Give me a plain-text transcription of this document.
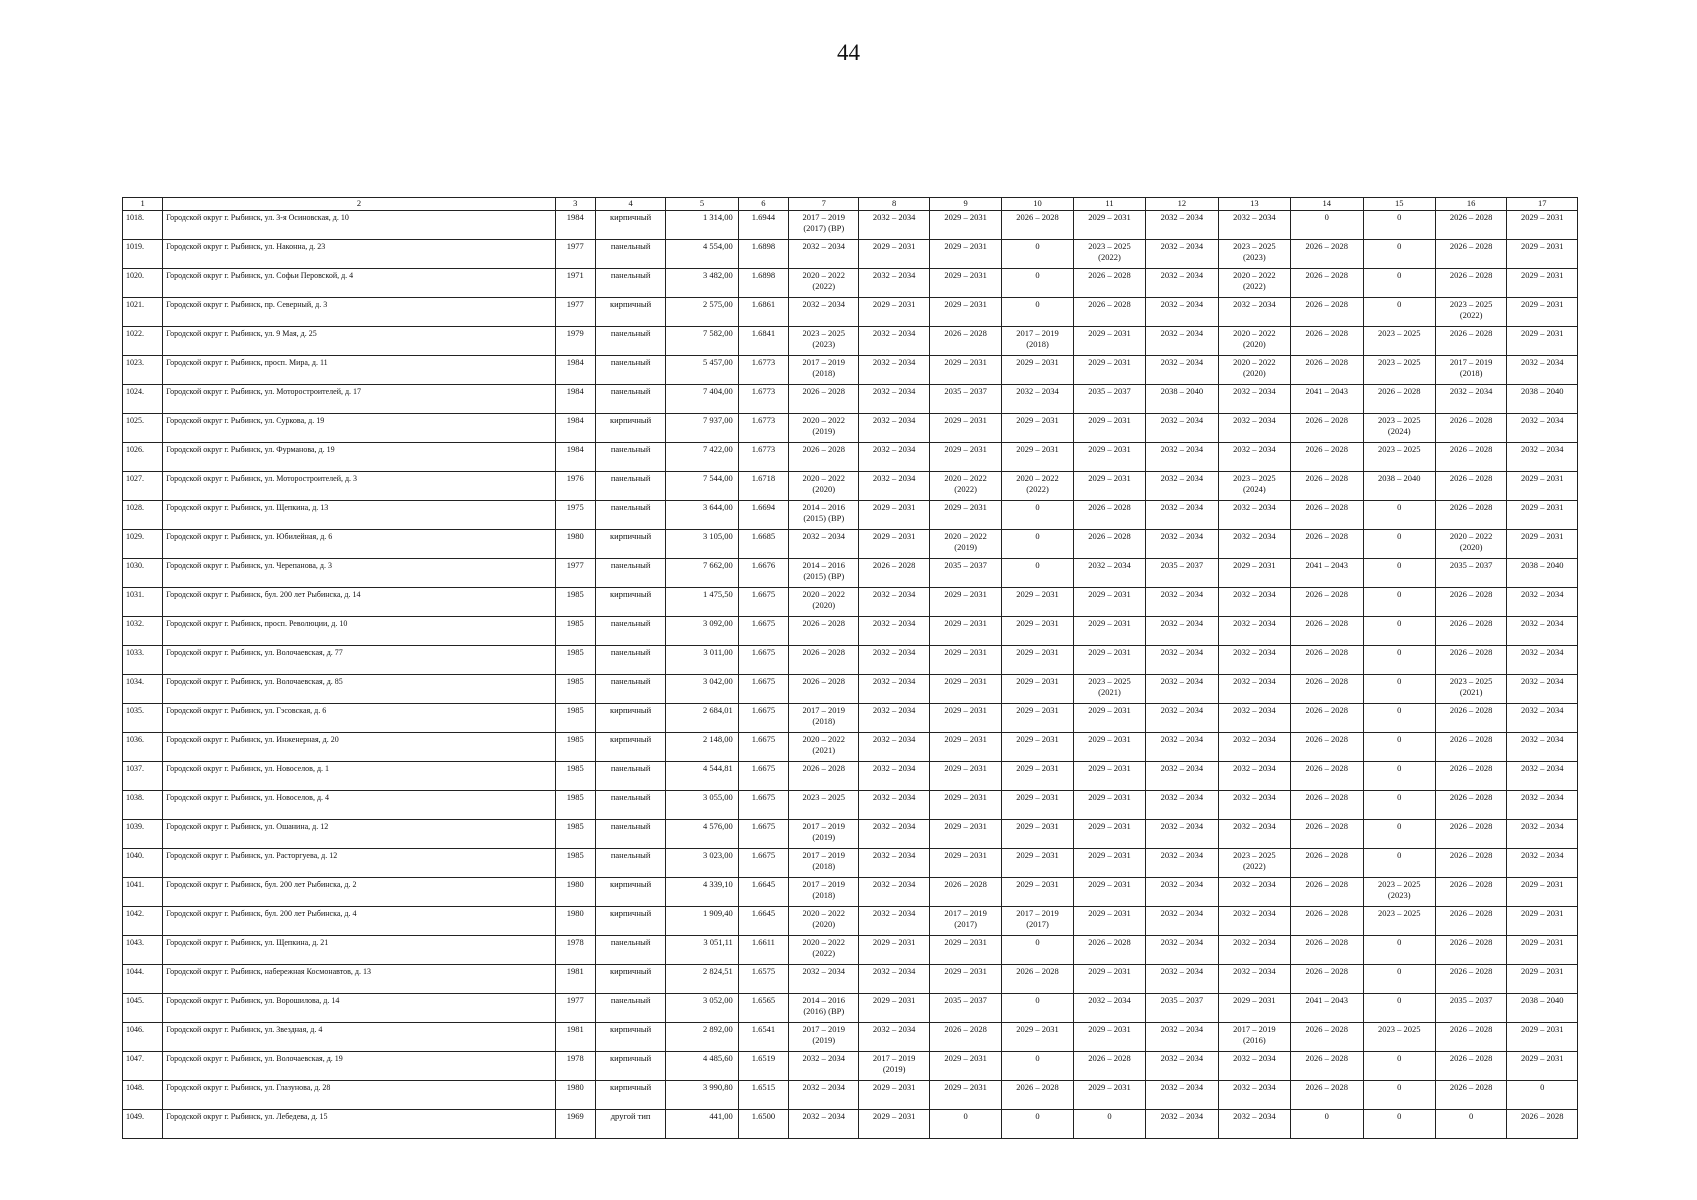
44
1	2	3	4	5	6	7	8	9	10	11	12	13	14	15	16	17
1018.	Городской округ г. Рыбинск, ул. 3-я Осиновская, д. 10	1984	кирпичный	1 314,00	1.6944	2017 – 2019 (2017) (ВР)	2032 – 2034	2029 – 2031	2026 – 2028	2029 – 2031	2032 – 2034	2032 – 2034	0	0	2026 – 2028	2029 – 2031
1019.	Городской округ г. Рыбинск, ул. Наконна, д. 23	1977	панельный	4 554,00	1.6898	2032 – 2034	2029 – 2031	2029 – 2031	0	2023 – 2025 (2022)	2032 – 2034	2023 – 2025 (2023)	2026 – 2028	0	2026 – 2028	2029 – 2031
1020.	Городской округ г. Рыбинск, ул. Софьи Перовской, д. 4	1971	панельный	3 482,00	1.6898	2020 – 2022 (2022)	2032 – 2034	2029 – 2031	0	2026 – 2028	2032 – 2034	2020 – 2022 (2022)	2026 – 2028	0	2026 – 2028	2029 – 2031
1021.	Городской округ г. Рыбинск, пр. Северный, д. 3	1977	кирпичный	2 575,00	1.6861	2032 – 2034	2029 – 2031	2029 – 2031	0	2026 – 2028	2032 – 2034	2032 – 2034	2026 – 2028	0	2023 – 2025 (2022)	2029 – 2031
1022.	Городской округ г. Рыбинск, ул. 9 Мая, д. 25	1979	панельный	7 582,00	1.6841	2023 – 2025 (2023)	2032 – 2034	2026 – 2028	2017 – 2019 (2018)	2029 – 2031	2032 – 2034	2020 – 2022 (2020)	2026 – 2028	2023 – 2025	2026 – 2028	2029 – 2031
1023.	Городской округ г. Рыбинск, просп. Мира, д. 11	1984	панельный	5 457,00	1.6773	2017 – 2019 (2018)	2032 – 2034	2029 – 2031	2029 – 2031	2029 – 2031	2032 – 2034	2020 – 2022 (2020)	2026 – 2028	2023 – 2025	2017 – 2019 (2018)	2032 – 2034
1024.	Городской округ г. Рыбинск, ул. Моторостроителей, д. 17	1984	панельный	7 404,00	1.6773	2026 – 2028	2032 – 2034	2035 – 2037	2032 – 2034	2035 – 2037	2038 – 2040	2032 – 2034	2041 – 2043	2026 – 2028	2032 – 2034	2038 – 2040
1025.	Городской округ г. Рыбинск, ул. Суркова, д. 19	1984	кирпичный	7 937,00	1.6773	2020 – 2022 (2019)	2032 – 2034	2029 – 2031	2029 – 2031	2029 – 2031	2032 – 2034	2032 – 2034	2026 – 2028	2023 – 2025 (2024)	2026 – 2028	2032 – 2034
1026.	Городской округ г. Рыбинск, ул. Фурманова, д. 19	1984	панельный	7 422,00	1.6773	2026 – 2028	2032 – 2034	2029 – 2031	2029 – 2031	2029 – 2031	2032 – 2034	2032 – 2034	2026 – 2028	2023 – 2025	2026 – 2028	2032 – 2034
1027.	Городской округ г. Рыбинск, ул. Моторостроителей, д. 3	1976	панельный	7 544,00	1.6718	2020 – 2022 (2020)	2032 – 2034	2020 – 2022 (2022)	2020 – 2022 (2022)	2029 – 2031	2032 – 2034	2023 – 2025 (2024)	2026 – 2028	2038 – 2040	2026 – 2028	2029 – 2031
1028.	Городской округ г. Рыбинск, ул. Щепкина, д. 13	1975	панельный	3 644,00	1.6694	2014 – 2016 (2015) (ВР)	2029 – 2031	2029 – 2031	0	2026 – 2028	2032 – 2034	2032 – 2034	2026 – 2028	0	2026 – 2028	2029 – 2031
1029.	Городской округ г. Рыбинск, ул. Юбилейная, д. 6	1980	кирпичный	3 105,00	1.6685	2032 – 2034	2029 – 2031	2020 – 2022 (2019)	0	2026 – 2028	2032 – 2034	2032 – 2034	2026 – 2028	0	2020 – 2022 (2020)	2029 – 2031
1030.	Городской округ г. Рыбинск, ул. Черепанова, д. 3	1977	панельный	7 662,00	1.6676	2014 – 2016 (2015) (ВР)	2026 – 2028	2035 – 2037	0	2032 – 2034	2035 – 2037	2029 – 2031	2041 – 2043	0	2035 – 2037	2038 – 2040
1031.	Городской округ г. Рыбинск, бул. 200 лет Рыбинска, д. 14	1985	кирпичный	1 475,50	1.6675	2020 – 2022 (2020)	2032 – 2034	2029 – 2031	2029 – 2031	2029 – 2031	2032 – 2034	2032 – 2034	2026 – 2028	0	2026 – 2028	2032 – 2034
1032.	Городской округ г. Рыбинск, просп. Революции, д. 10	1985	панельный	3 092,00	1.6675	2026 – 2028	2032 – 2034	2029 – 2031	2029 – 2031	2029 – 2031	2032 – 2034	2032 – 2034	2026 – 2028	0	2026 – 2028	2032 – 2034
1033.	Городской округ г. Рыбинск, ул. Волочаевская, д. 77	1985	панельный	3 011,00	1.6675	2026 – 2028	2032 – 2034	2029 – 2031	2029 – 2031	2029 – 2031	2032 – 2034	2032 – 2034	2026 – 2028	0	2026 – 2028	2032 – 2034
1034.	Городской округ г. Рыбинск, ул. Волочаевская, д. 85	1985	панельный	3 042,00	1.6675	2026 – 2028	2032 – 2034	2029 – 2031	2029 – 2031	2023 – 2025 (2021)	2032 – 2034	2032 – 2034	2026 – 2028	0	2023 – 2025 (2021)	2032 – 2034
1035.	Городской округ г. Рыбинск, ул. Гэсовская, д. 6	1985	кирпичный	2 684,01	1.6675	2017 – 2019 (2018)	2032 – 2034	2029 – 2031	2029 – 2031	2029 – 2031	2032 – 2034	2032 – 2034	2026 – 2028	0	2026 – 2028	2032 – 2034
1036.	Городской округ г. Рыбинск, ул. Инженерная, д. 20	1985	кирпичный	2 148,00	1.6675	2020 – 2022 (2021)	2032 – 2034	2029 – 2031	2029 – 2031	2029 – 2031	2032 – 2034	2032 – 2034	2026 – 2028	0	2026 – 2028	2032 – 2034
1037.	Городской округ г. Рыбинск, ул. Новоселов, д. 1	1985	панельный	4 544,81	1.6675	2026 – 2028	2032 – 2034	2029 – 2031	2029 – 2031	2029 – 2031	2032 – 2034	2032 – 2034	2026 – 2028	0	2026 – 2028	2032 – 2034
1038.	Городской округ г. Рыбинск, ул. Новоселов, д. 4	1985	панельный	3 055,00	1.6675	2023 – 2025	2032 – 2034	2029 – 2031	2029 – 2031	2029 – 2031	2032 – 2034	2032 – 2034	2026 – 2028	0	2026 – 2028	2032 – 2034
1039.	Городской округ г. Рыбинск, ул. Ошанина, д. 12	1985	панельный	4 576,00	1.6675	2017 – 2019 (2019)	2032 – 2034	2029 – 2031	2029 – 2031	2029 – 2031	2032 – 2034	2032 – 2034	2026 – 2028	0	2026 – 2028	2032 – 2034
1040.	Городской округ г. Рыбинск, ул. Расторгуева, д. 12	1985	панельный	3 023,00	1.6675	2017 – 2019 (2018)	2032 – 2034	2029 – 2031	2029 – 2031	2029 – 2031	2032 – 2034	2023 – 2025 (2022)	2026 – 2028	0	2026 – 2028	2032 – 2034
1041.	Городской округ г. Рыбинск, бул. 200 лет Рыбинска, д. 2	1980	кирпичный	4 339,10	1.6645	2017 – 2019 (2018)	2032 – 2034	2026 – 2028	2029 – 2031	2029 – 2031	2032 – 2034	2032 – 2034	2026 – 2028	2023 – 2025 (2023)	2026 – 2028	2029 – 2031
1042.	Городской округ г. Рыбинск, бул. 200 лет Рыбинска, д. 4	1980	кирпичный	1 909,40	1.6645	2020 – 2022 (2020)	2032 – 2034	2017 – 2019 (2017)	2017 – 2019 (2017)	2029 – 2031	2032 – 2034	2032 – 2034	2026 – 2028	2023 – 2025	2026 – 2028	2029 – 2031
1043.	Городской округ г. Рыбинск, ул. Щепкина, д. 21	1978	панельный	3 051,11	1.6611	2020 – 2022 (2022)	2029 – 2031	2029 – 2031	0	2026 – 2028	2032 – 2034	2032 – 2034	2026 – 2028	0	2026 – 2028	2029 – 2031
1044.	Городской округ г. Рыбинск, набережная Космонавтов, д. 13	1981	кирпичный	2 824,51	1.6575	2032 – 2034	2032 – 2034	2029 – 2031	2026 – 2028	2029 – 2031	2032 – 2034	2032 – 2034	2026 – 2028	0	2026 – 2028	2029 – 2031
1045.	Городской округ г. Рыбинск, ул. Ворошилова, д. 14	1977	панельный	3 052,00	1.6565	2014 – 2016 (2016) (ВР)	2029 – 2031	2035 – 2037	0	2032 – 2034	2035 – 2037	2029 – 2031	2041 – 2043	0	2035 – 2037	2038 – 2040
1046.	Городской округ г. Рыбинск, ул. Звездная, д. 4	1981	кирпичный	2 892,00	1.6541	2017 – 2019 (2019)	2032 – 2034	2026 – 2028	2029 – 2031	2029 – 2031	2032 – 2034	2017 – 2019 (2016)	2026 – 2028	2023 – 2025	2026 – 2028	2029 – 2031
1047.	Городской округ г. Рыбинск, ул. Волочаевская, д. 19	1978	кирпичный	4 485,60	1.6519	2032 – 2034	2017 – 2019 (2019)	2029 – 2031	0	2026 – 2028	2032 – 2034	2032 – 2034	2026 – 2028	0	2026 – 2028	2029 – 2031
1048.	Городской округ г. Рыбинск, ул. Глазунова, д. 28	1980	кирпичный	3 990,80	1.6515	2032 – 2034	2029 – 2031	2029 – 2031	2026 – 2028	2029 – 2031	2032 – 2034	2032 – 2034	2026 – 2028	0	2026 – 2028	0
1049.	Городской округ г. Рыбинск, ул. Лебедева, д. 15	1969	другой тип	441,00	1.6500	2032 – 2034	2029 – 2031	0	0	0	2032 – 2034	2032 – 2034	0	0	0	2026 – 2028
